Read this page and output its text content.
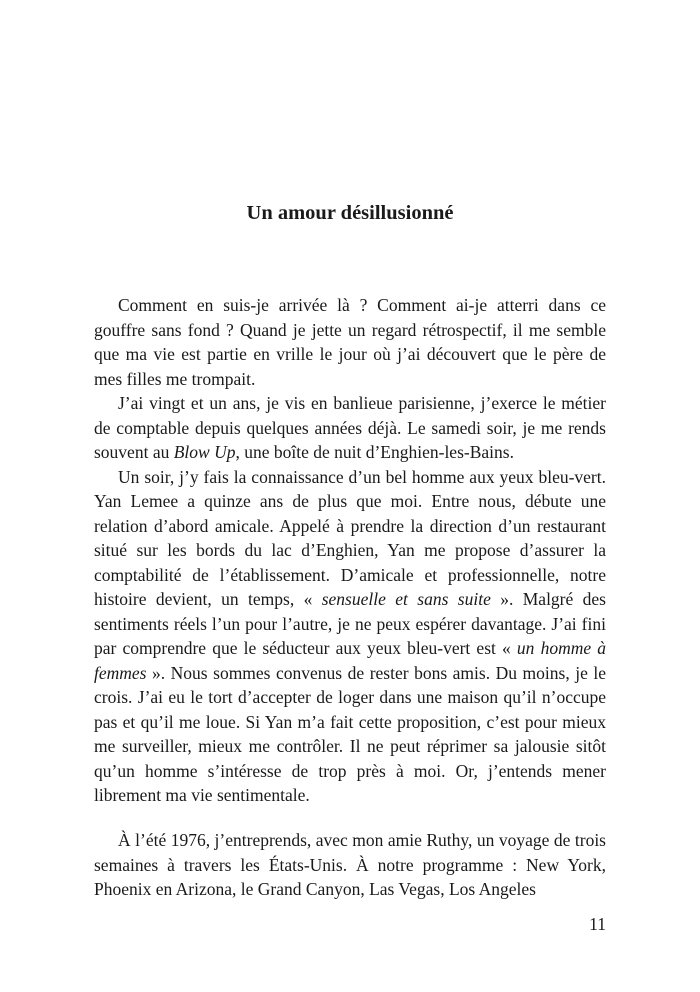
Un amour désillusionné

Comment en suis-je arrivée là ? Comment ai-je atterri dans ce gouffre sans fond ? Quand je jette un regard rétrospectif, il me semble que ma vie est partie en vrille le jour où j’ai découvert que le père de mes filles me trompait.

J’ai vingt et un ans, je vis en banlieue parisienne, j’exerce le métier de comptable depuis quelques années déjà. Le samedi soir, je me rends souvent au Blow Up, une boîte de nuit d’Enghien-les-Bains.

Un soir, j’y fais la connaissance d’un bel homme aux yeux bleu-vert. Yan Lemee a quinze ans de plus que moi. Entre nous, débute une relation d’abord amicale. Appelé à prendre la direction d’un restaurant situé sur les bords du lac d’Enghien, Yan me propose d’assurer la comptabilité de l’établissement. D’amicale et professionnelle, notre histoire devient, un temps, « sensuelle et sans suite ». Malgré des sentiments réels l’un pour l’autre, je ne peux espérer davantage. J’ai fini par comprendre que le séducteur aux yeux bleu-vert est « un homme à femmes ». Nous sommes convenus de rester bons amis. Du moins, je le crois. J’ai eu le tort d’accepter de loger dans une maison qu’il n’occupe pas et qu’il me loue. Si Yan m’a fait cette proposition, c’est pour mieux me surveiller, mieux me contrôler. Il ne peut réprimer sa jalousie sitôt qu’un homme s’intéresse de trop près à moi. Or, j’entends mener librement ma vie sentimentale.

À l’été 1976, j’entreprends, avec mon amie Ruthy, un voyage de trois semaines à travers les États-Unis. À notre programme : New York, Phoenix en Arizona, le Grand Canyon, Las Vegas, Los Angeles

11
